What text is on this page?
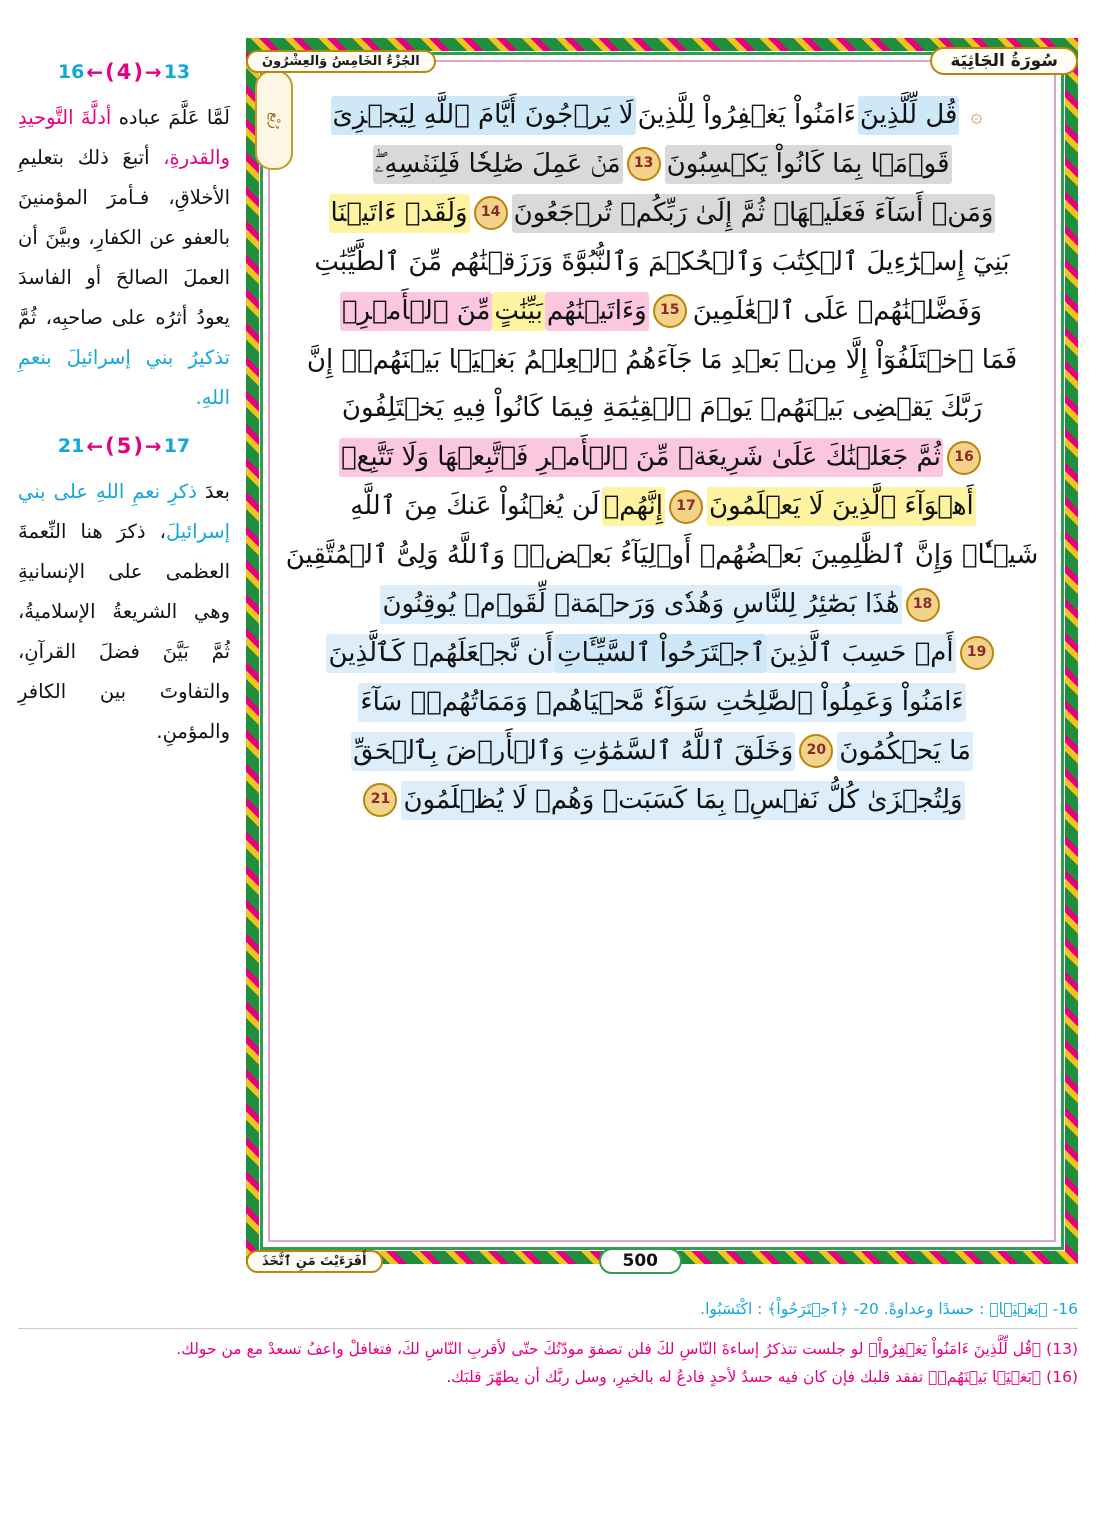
16 ← ( 4 ) → 13
لَمَّا عَلَّمَ عباده أدلَّةَ التَّوحيدِ والقدرةِ، أتبعَ ذلك بتعليمِ الأخلاقِ، فـأمرَ المؤمنينَ بالعفو عن الكفارِ، وبيَّنَ أن العملَ الصالحَ أو الفاسدَ يعودُ أثرُه على صاحبِه، ثُمَّ تذكيرُ بني إسرائيلَ بنعمِ اللهِ.
21 ← ( 5 ) → 17
بعدَ ذكرِ نعمِ اللهِ على بني إسرائيلَ، ذكرَ هنا النِّعمةَ العظمى على الإنسانيةِ وهي الشريعةُ الإسلاميةُ، ثُمَّ بَيَّنَ فضلَ القرآنِ، والتفاوتَ بين الكافرِ والمؤمنِ.
رُبْع
سُورَةُ الجَاثِيَة
الجُزْءُ الخَامِسُ وَالعِشْرُونَ
۞
قُل لِّلَّذِينَ
ءَامَنُواْ يَغۡفِرُواْ لِلَّذِينَ
لَا يَرۡجُونَ أَيَّامَ ٱللَّهِ لِيَجۡزِىَ
قَوۡمَۢا بِمَا كَانُواْ يَكۡسِبُونَ
13
مَنۡ عَمِلَ صَٰلِحٗا فَلِنَفۡسِهِۦۖ
وَمَنۡ أَسَآءَ فَعَلَيۡهَاۖ ثُمَّ إِلَىٰ رَبِّكُمۡ تُرۡجَعُونَ
14
وَلَقَدۡ ءَاتَيۡنَا
بَنِيٓ إِسۡرَٰٓءِيلَ ٱلۡكِتَٰبَ وَٱلۡحُكۡمَ وَٱلنُّبُوَّةَ وَرَزَقۡنَٰهُم مِّنَ ٱلطَّيِّبَٰتِ
وَفَضَّلۡنَٰهُمۡ عَلَى ٱلۡعَٰلَمِينَ
15
وَءَاتَيۡنَٰهُم
بَيِّنَٰتٍ
مِّنَ ٱلۡأَمۡرِۖ
فَمَا ٱخۡتَلَفُوٓاْ إِلَّا مِنۢ بَعۡدِ مَا جَآءَهُمُ ٱلۡعِلۡمُ بَغۡيَۢا بَيۡنَهُمۡۚ إِنَّ
رَبَّكَ يَقۡضِى بَيۡنَهُمۡ يَوۡمَ ٱلۡقِيَٰمَةِ فِيمَا كَانُواْ فِيهِ يَخۡتَلِفُونَ
16
ثُمَّ جَعَلۡنَٰكَ عَلَىٰ شَرِيعَةٖ مِّنَ ٱلۡأَمۡرِ فَٱتَّبِعۡهَا وَلَا تَتَّبِعۡ
أَهۡوَآءَ ٱلَّذِينَ لَا يَعۡلَمُونَ
17
إِنَّهُمۡ
لَن يُغۡنُواْ عَنكَ مِنَ ٱللَّهِ
شَيۡـٔٗاۚ وَإِنَّ ٱلظَّٰلِمِينَ بَعۡضُهُمۡ أَوۡلِيَآءُ بَعۡضٖۖ وَٱللَّهُ وَلِىُّ ٱلۡمُتَّقِينَ
18
هَٰذَا بَصَٰٓئِرُ لِلنَّاسِ وَهُدٗى وَرَحۡمَةٞ لِّقَوۡمٖ يُوقِنُونَ
19
أَمۡ حَسِبَ ٱلَّذِينَ
ٱجۡتَرَحُواْ ٱلسَّيِّـَٔاتِ
أَن نَّجۡعَلَهُمۡ كَٱلَّذِينَ
ءَامَنُواْ وَعَمِلُواْ ٱلصَّٰلِحَٰتِ سَوَآءٗ مَّحۡيَاهُمۡ وَمَمَاتُهُمۡۚ سَآءَ
مَا يَحۡكُمُونَ
20
وَخَلَقَ ٱللَّهُ ٱلسَّمَٰوَٰتِ وَٱلۡأَرۡضَ بِٱلۡحَقِّ
وَلِتُجۡزَىٰ كُلُّ نَفۡسِۭ بِمَا كَسَبَتۡ وَهُمۡ لَا يُظۡلَمُونَ
21
500
أَفَرَءَيْتَ مَنِ ٱتَّخَذَ
16- ﴿بَغۡيَۢا﴾ : حسدًا وعداوةً. 20- ﴿ٱجۡتَرَحُواْ﴾ : اكْتَسَبُوا.
(13) ﴿قُل لِّلَّذِينَ ءَامَنُواْ يَغۡفِرُواْ﴾ لو جلست تتذكرُ إساءةَ النّاسِ لكَ فلن تصفوَ مودّتُكَ حتّى لأقربِ النّاسِ لكَ، فتغافلْ واعفُ تسعدْ مع من حولك.
(16) ﴿بَغۡيَۢا بَيۡنَهُمۡ﴾ تفقد قلبك فإن كان فيه حسدٌ لأحدٍ فادعُ له بالخيرِ، وسل ربَّك أن يطهّرَ قلبَك.
